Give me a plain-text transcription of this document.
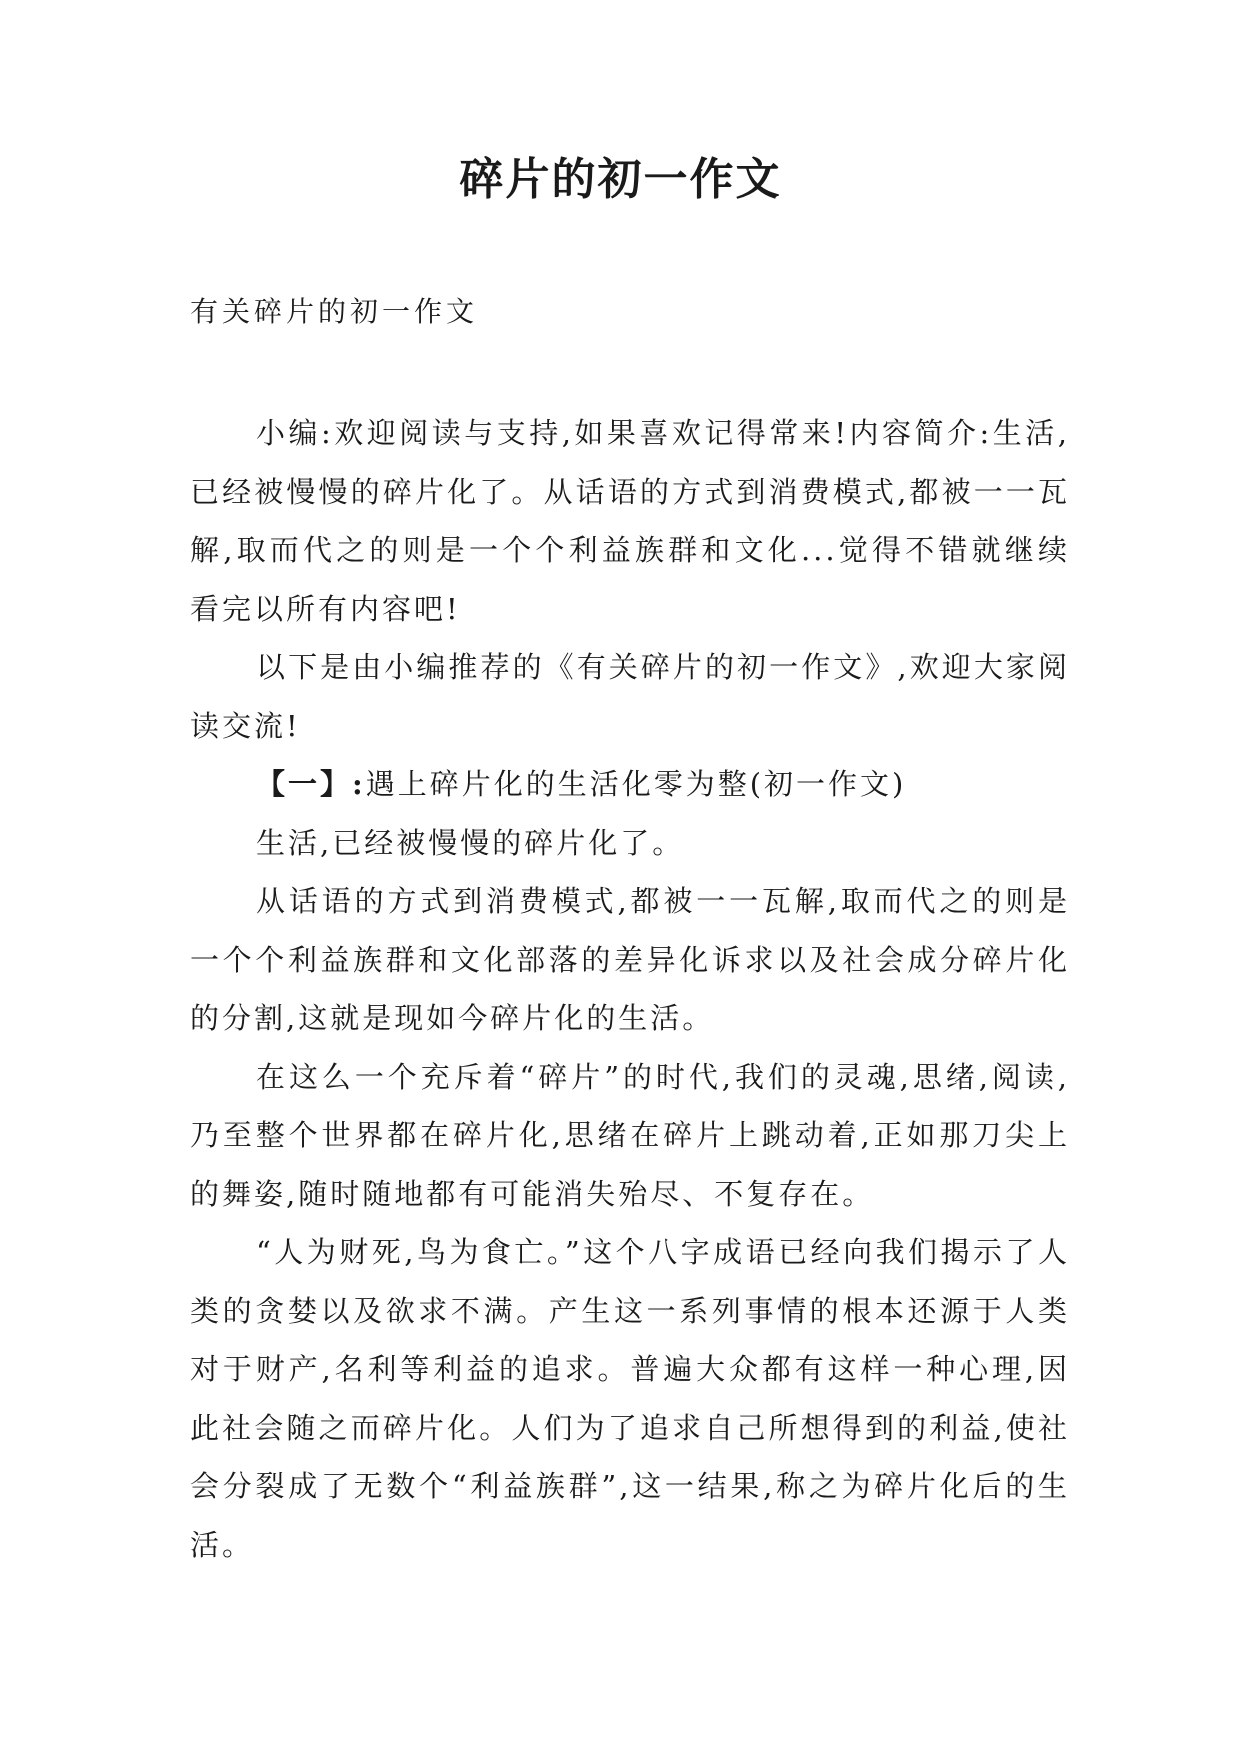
碎片的初一作文

有关碎片的初一作文

小编:欢迎阅读与支持,如果喜欢记得常来!内容简介:生活,已经被慢慢的碎片化了。从话语的方式到消费模式,都被一一瓦解,取而代之的则是一个个利益族群和文化...觉得不错就继续看完以所有内容吧!

以下是由小编推荐的《有关碎片的初一作文》,欢迎大家阅读交流!

【一】:遇上碎片化的生活化零为整(初一作文)

生活,已经被慢慢的碎片化了。

从话语的方式到消费模式,都被一一瓦解,取而代之的则是一个个利益族群和文化部落的差异化诉求以及社会成分碎片化的分割,这就是现如今碎片化的生活。

在这么一个充斥着“碎片”的时代,我们的灵魂,思绪,阅读,乃至整个世界都在碎片化,思绪在碎片上跳动着,正如那刀尖上的舞姿,随时随地都有可能消失殆尽、不复存在。

“人为财死,鸟为食亡。”这个八字成语已经向我们揭示了人类的贪婪以及欲求不满。产生这一系列事情的根本还源于人类对于财产,名利等利益的追求。普遍大众都有这样一种心理,因此社会随之而碎片化。人们为了追求自己所想得到的利益,使社会分裂成了无数个“利益族群”,这一结果,称之为碎片化后的生活。
